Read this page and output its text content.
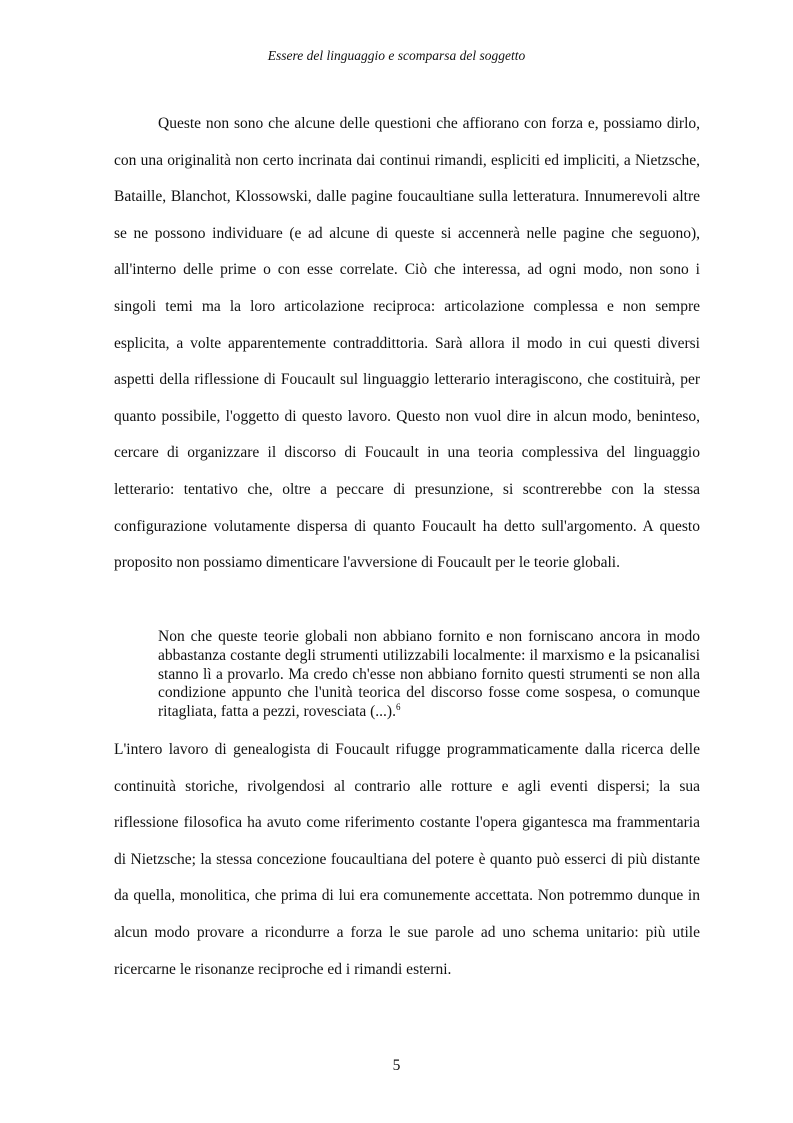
Essere del linguaggio e scomparsa del soggetto

Queste non sono che alcune delle questioni che affiorano con forza e, possiamo dirlo, con una originalità non certo incrinata dai continui rimandi, espliciti ed impliciti, a Nietzsche, Bataille, Blanchot, Klossowski, dalle pagine foucaultiane sulla letteratura. Innumerevoli altre se ne possono individuare (e ad alcune di queste si accennerà nelle pagine che seguono), all'interno delle prime o con esse correlate. Ciò che interessa, ad ogni modo, non sono i singoli temi ma la loro articolazione reciproca: articolazione complessa e non sempre esplicita, a volte apparentemente contraddittoria. Sarà allora il modo in cui questi diversi aspetti della riflessione di Foucault sul linguaggio letterario interagiscono, che costituirà, per quanto possibile, l'oggetto di questo lavoro. Questo non vuol dire in alcun modo, beninteso, cercare di organizzare il discorso di Foucault in una teoria complessiva del linguaggio letterario: tentativo che, oltre a peccare di presunzione, si scontrerebbe con la stessa configurazione volutamente dispersa di quanto Foucault ha detto sull'argomento. A questo proposito non possiamo dimenticare l'avversione di Foucault per le teorie globali.

Non che queste teorie globali non abbiano fornito e non forniscano ancora in modo abbastanza costante degli strumenti utilizzabili localmente: il marxismo e la psicanalisi stanno lì a provarlo. Ma credo ch'esse non abbiano fornito questi strumenti se non alla condizione appunto che l'unità teorica del discorso fosse come sospesa, o comunque ritagliata, fatta a pezzi, rovesciata (...).$^6$

L'intero lavoro di genealogista di Foucault rifugge programmaticamente dalla ricerca delle continuità storiche, rivolgendosi al contrario alle rotture e agli eventi dispersi; la sua riflessione filosofica ha avuto come riferimento costante l'opera gigantesca ma frammentaria di Nietzsche; la stessa concezione foucaultiana del potere è quanto può esserci di più distante da quella, monolitica, che prima di lui era comunemente accettata. Non potremmo dunque in alcun modo provare a ricondurre a forza le sue parole ad uno schema unitario: più utile ricercarne le risonanze reciproche ed i rimandi esterni.

5
